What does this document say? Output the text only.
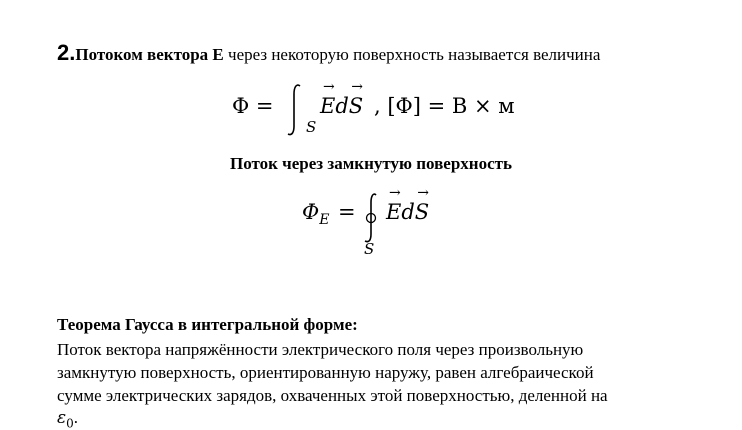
2.Потоком вектора Е через некоторую поверхность называется величина
Φ =
S
E
→
dS
→
, [Φ] = В × м
Поток через замкнутую поверхность
$\Phi_E$ =
S
E
→
dS
→
Теорема Гаусса в интегральной форме:
Поток вектора напряжённости электрического поля через произвольную
замкнутую поверхность, ориентированную наружу, равен алгебраической
сумме электрических зарядов, охваченных этой поверхностью, деленной на
$\varepsilon_0$.
